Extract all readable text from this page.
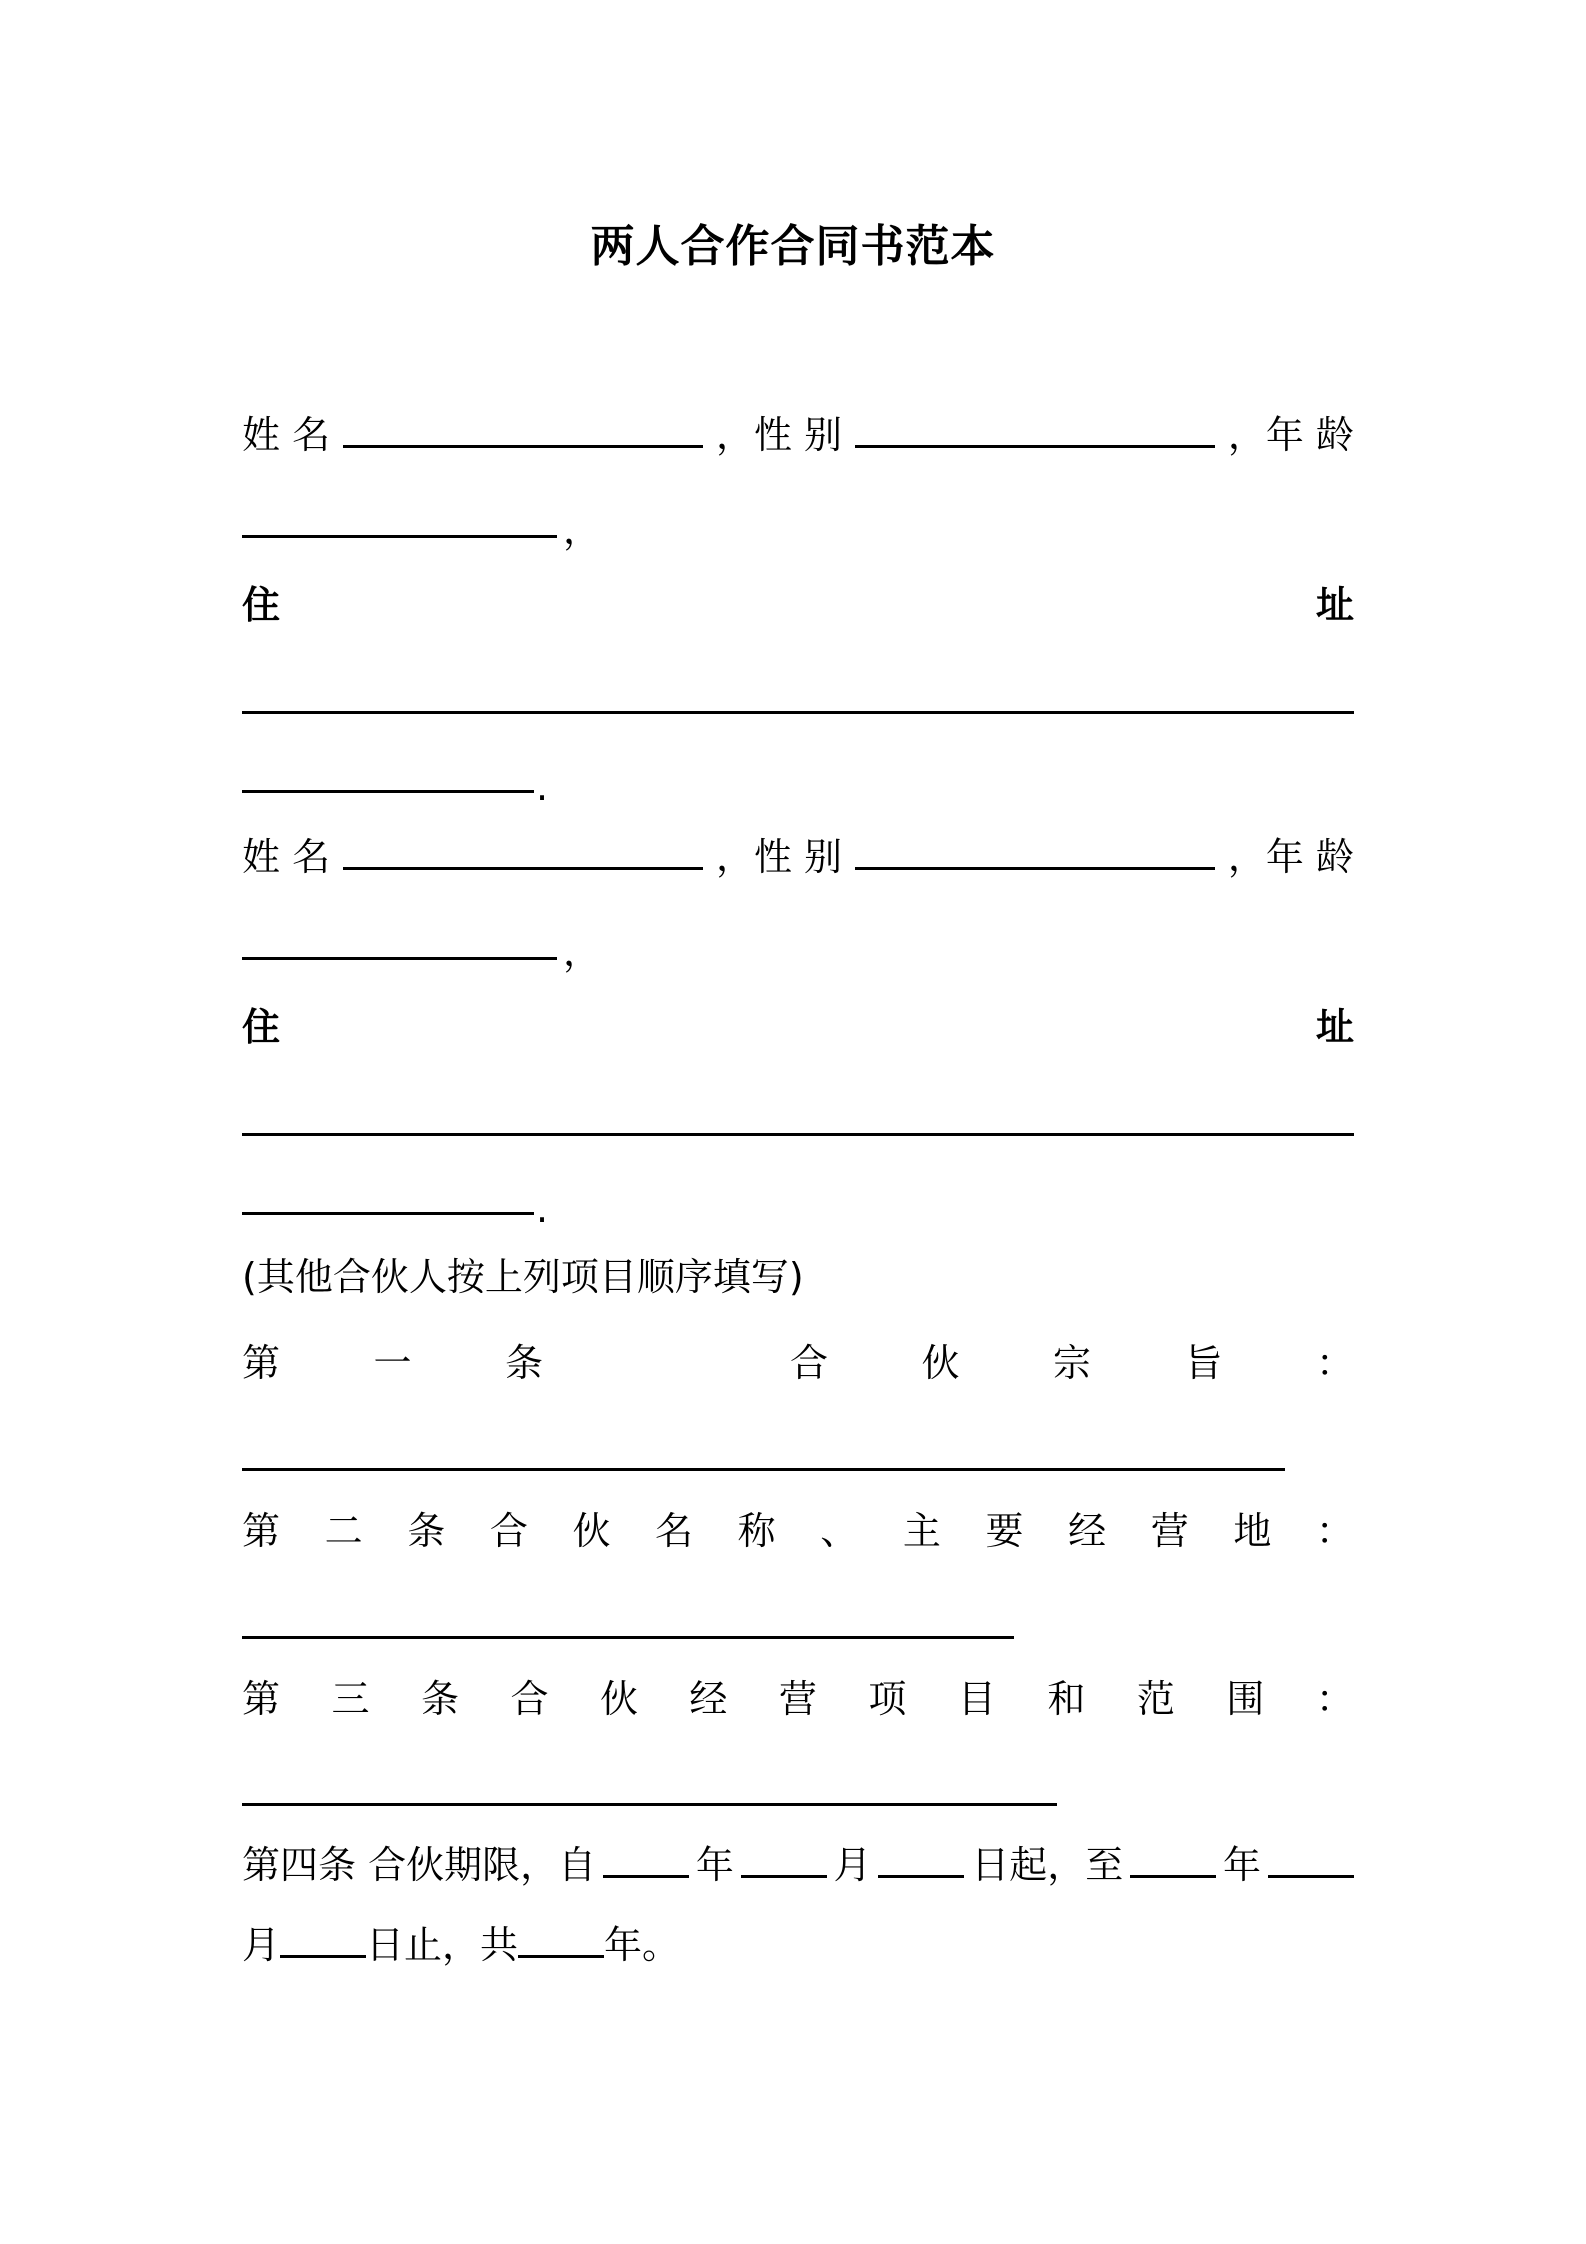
两人合作合同书范本
姓 名	，性 别	，年 龄
，
住	址
.
姓 名	，性 别	，年 龄
，
住	址
.
(其他合伙人按上列项目顺序填写)
第 一 条	合 伙 宗 旨 ：
第 二 条 合 伙 名 称 、 主 要 经 营 地 ：
第 三 条 合 伙 经 营 项 目 和 范 围 ：
第四条 合伙期限，自	年	月	日起，至	年
月 日止，共 年。
